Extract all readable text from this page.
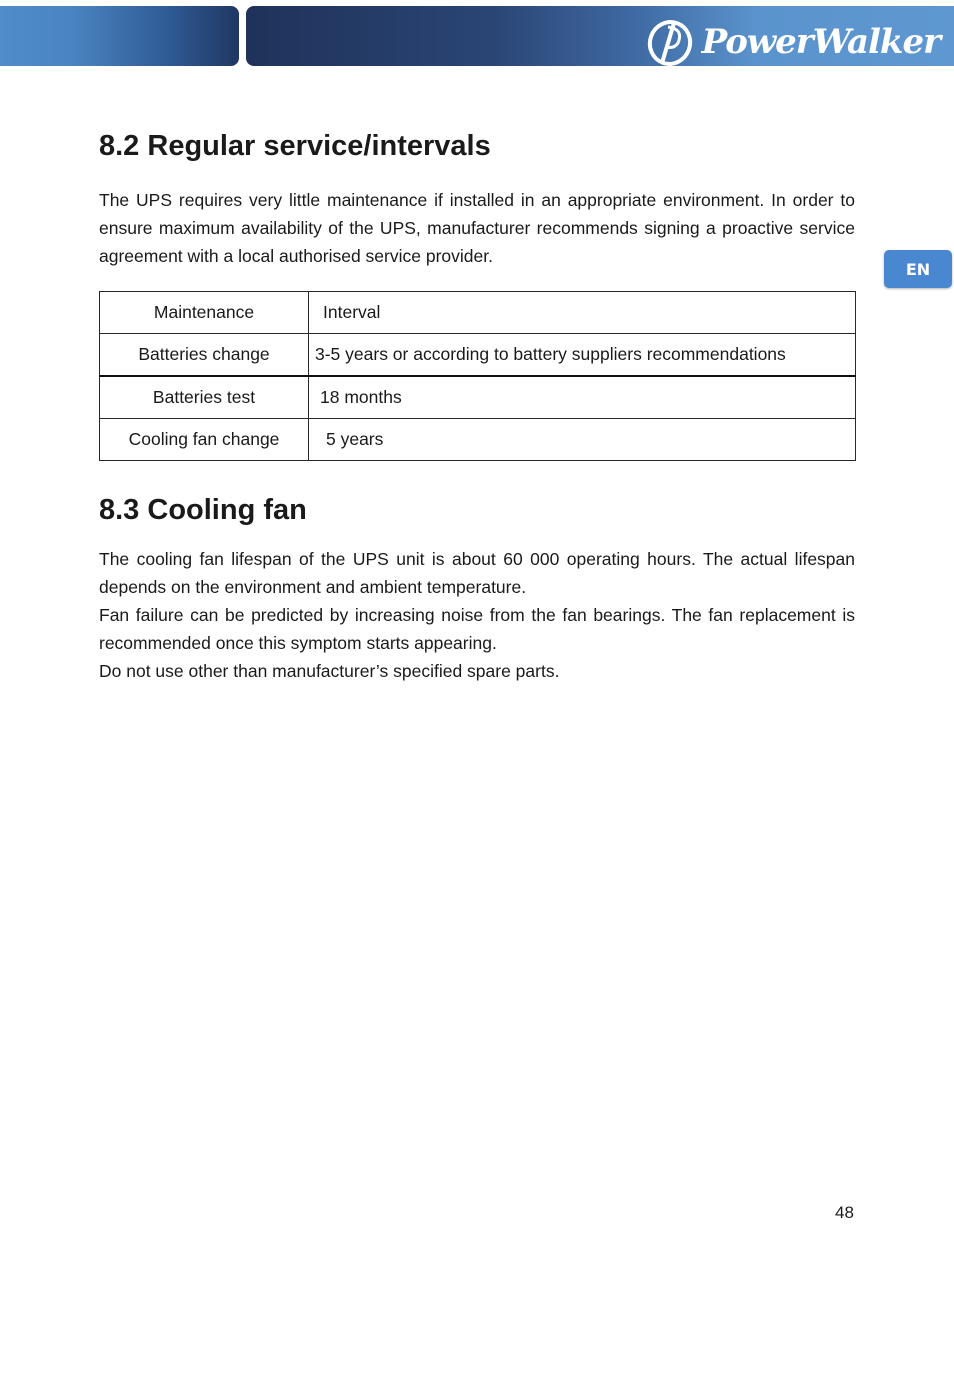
PowerWalker
EN
8.2 Regular service/intervals

The UPS requires very little maintenance if installed in an appropriate environment. In order to ensure maximum availability of the UPS, manufacturer recommends signing a proactive service agreement with a local authorised service provider.

Maintenance	Interval
Batteries change	3-5 years or according to battery suppliers recommendations
Batteries test	18 months
Cooling fan change	5 years
8.3 Cooling fan
The cooling fan lifespan of the UPS unit is about 60 000 operating hours. The actual lifespan depends on the environment and ambient temperature.
Fan failure can be predicted by increasing noise from the fan bearings. The fan replacement is recommended once this symptom starts appearing.
Do not use other than manufacturer’s specified spare parts.
48
